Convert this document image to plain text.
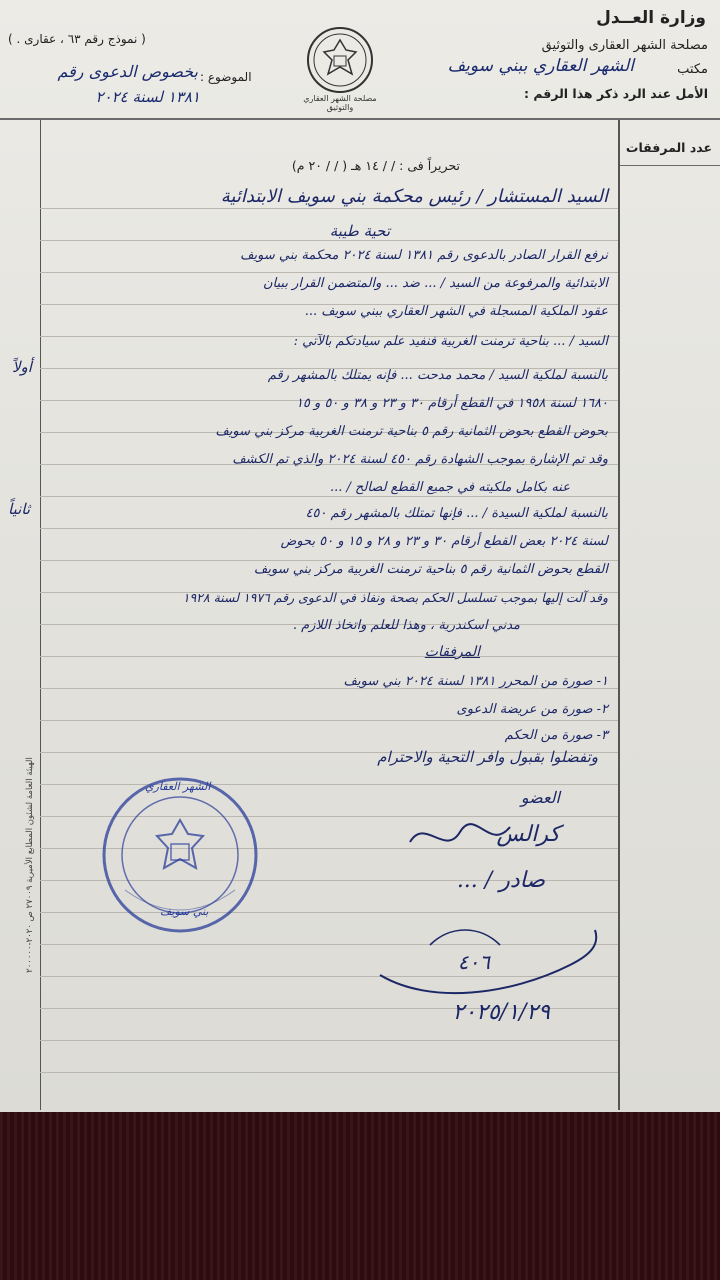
وزارة العــدل
مصلحة الشهر العقارى والتوثيق
مكتب
الشهر العقاري ببني سويف
الأمل عند الرد ذكر هذا الرقم :
( نموذج رقم ٦٣ ، عقارى . )
الموضوع :
بخصوص الدعوى رقم
١٣٨١ لسنة ٢٠٢٤	مصلحة الشهر العقاري والتوثيق
عدد المرفقات
تحريراً فى : / / ١٤ هـ ( / / ٢٠ م)
السيد المستشار / رئيس محكمة بني سويف الابتدائية
تحية طيبة
نرفع القرار الصادر بالدعوى رقم ١٣٨١ لسنة ٢٠٢٤ محكمة بني سويف
الابتدائية والمرفوعة من السيد / ... ضد ... والمتضمن القرار ببيان
عقود الملكية المسجلة في الشهر العقاري ببني سويف ...
السيد / ... بناحية ترمنت الغربية فنفيد علم سيادتكم بالآتي :
أولاً	بالنسبة لملكية السيد / محمد مدحت ... فإنه يمتلك بالمشهر رقم
١٦٨٠ لسنة ١٩٥٨ في القطع أرقام ٣٠ و ٢٣ و ٣٨ و ٥٠ و ١٥
بحوض القطع بحوض الثمانية رقم ٥ بناحية ترمنت الغربية مركز بني سويف
وقد تم الإشارة بموجب الشهادة رقم ٤٥٠ لسنة ٢٠٢٤ والذي تم الكشف
عنه بكامل ملكيته في جميع القطع لصالح / ...
ثانياً	بالنسبة لملكية السيدة / ... فإنها تمتلك بالمشهر رقم ٤٥٠
لسنة ٢٠٢٤ بعض القطع أرقام ٣٠ و ٢٣ و ٢٨ و ١٥ و ٥٠ بحوض
القطع بحوض الثمانية رقم ٥ بناحية ترمنت الغربية مركز بني سويف
وقد آلت إليها بموجب تسلسل الحكم بصحة ونفاذ في الدعوى رقم ١٩٧٦ لسنة ١٩٢٨
مدني اسكندرية ، وهذا للعلم واتخاذ اللازم .
المرفقات
١- صورة من المحرر ١٣٨١ لسنة ٢٠٢٤ بني سويف
٢- صورة من عريضة الدعوى
٣- صورة من الحكم
وتفضلوا بقبول وافر التحية والاحترام
الشهر العقاري
بني سويف
العضو
كرالس
صادر / ...
٤٠٦
٢٠٢٥/١/٢٩
الهيئة العامة لشئون المطابع الأميرية ٢٧٠٠٩ ص ٢٠٢٠-٢٠٠٠٠٠
